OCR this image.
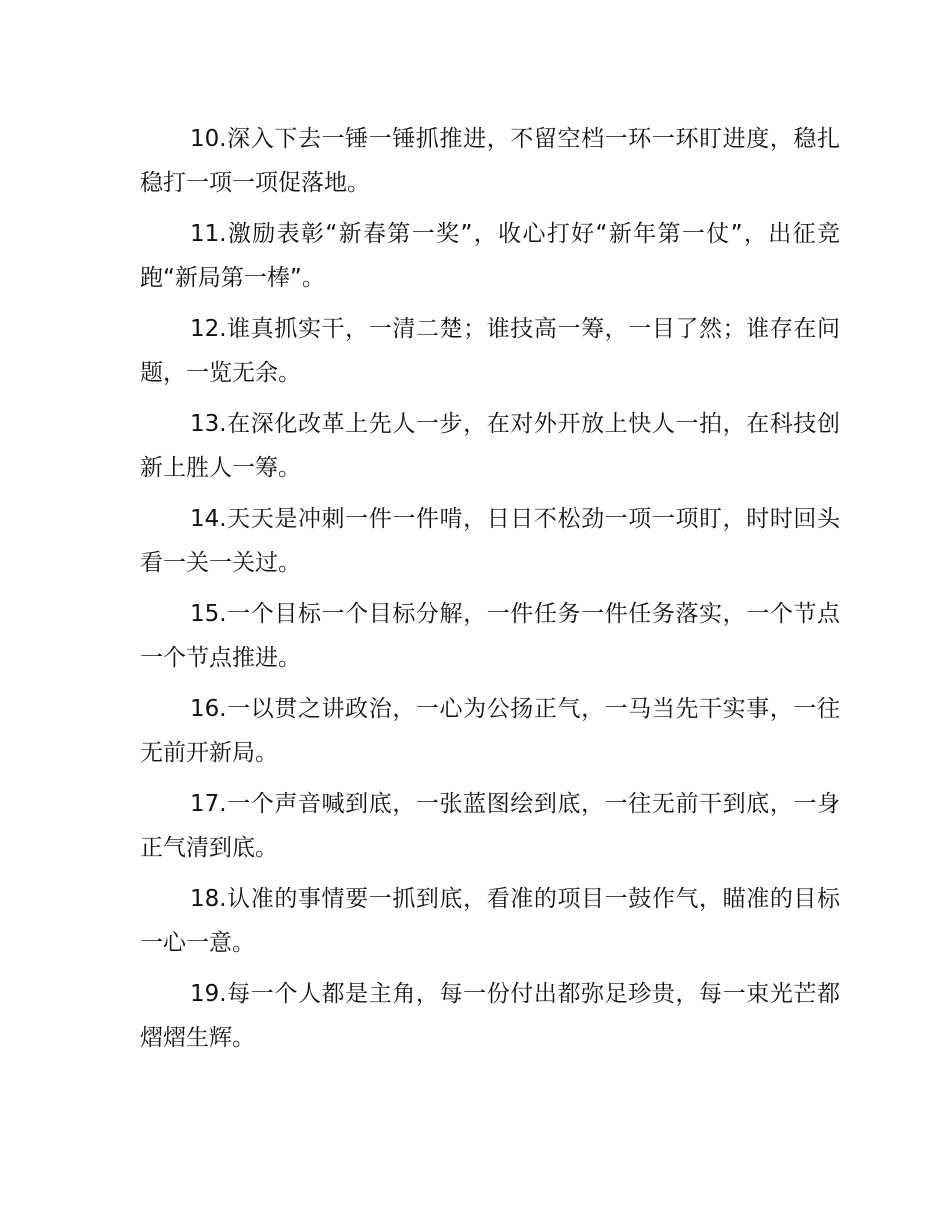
10.深入下去一锤一锤抓推进，不留空档一环一环盯进度，稳扎稳打一项一项促落地。

11.激励表彰“新春第一奖”，收心打好“新年第一仗”，出征竞跑“新局第一棒”。

12.谁真抓实干，一清二楚；谁技高一筹，一目了然；谁存在问题，一览无余。

13.在深化改革上先人一步，在对外开放上快人一拍，在科技创新上胜人一筹。

14.天天是冲刺一件一件啃，日日不松劲一项一项盯，时时回头看一关一关过。

15.一个目标一个目标分解，一件任务一件任务落实，一个节点一个节点推进。

16.一以贯之讲政治，一心为公扬正气，一马当先干实事，一往无前开新局。

17.一个声音喊到底，一张蓝图绘到底，一往无前干到底，一身正气清到底。

18.认准的事情要一抓到底，看准的项目一鼓作气，瞄准的目标一心一意。

19.每一个人都是主角，每一份付出都弥足珍贵，每一束光芒都熠熠生辉。
